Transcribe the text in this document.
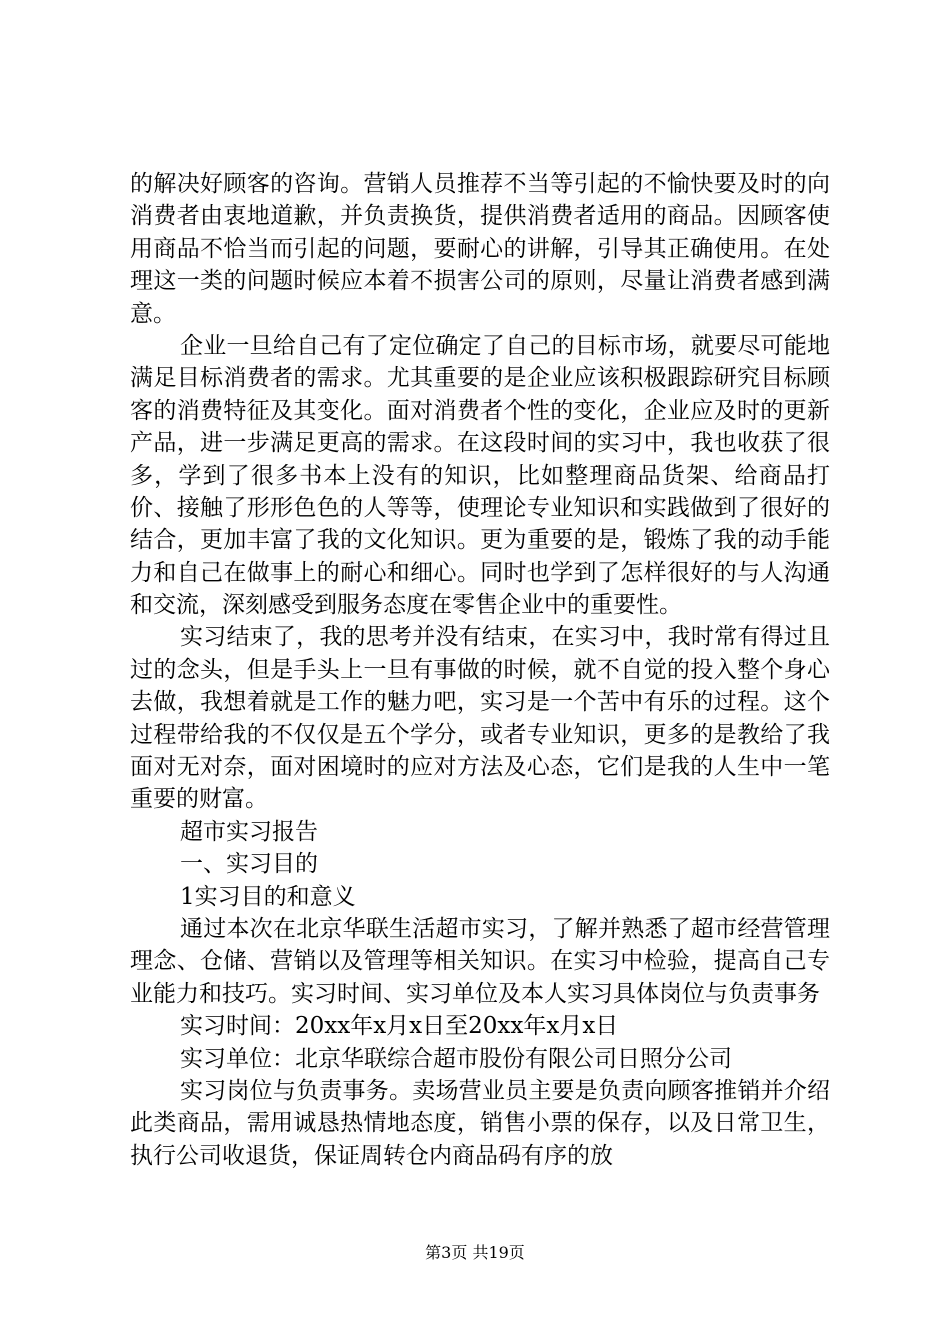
的解决好顾客的咨询。营销人员推荐不当等引起的不愉快要及时的向消费者由衷地道歉，并负责换货，提供消费者适用的商品。因顾客使用商品不恰当而引起的问题，要耐心的讲解，引导其正确使用。在处理这一类的问题时候应本着不损害公司的原则，尽量让消费者感到满意。

企业一旦给自己有了定位确定了自己的目标市场，就要尽可能地满足目标消费者的需求。尤其重要的是企业应该积极跟踪研究目标顾客的消费特征及其变化。面对消费者个性的变化，企业应及时的更新产品，进一步满足更高的需求。在这段时间的实习中，我也收获了很多，学到了很多书本上没有的知识，比如整理商品货架、给商品打价、接触了形形色色的人等等，使理论专业知识和实践做到了很好的结合，更加丰富了我的文化知识。更为重要的是，锻炼了我的动手能力和自己在做事上的耐心和细心。同时也学到了怎样很好的与人沟通和交流，深刻感受到服务态度在零售企业中的重要性。

实习结束了，我的思考并没有结束，在实习中，我时常有得过且过的念头，但是手头上一旦有事做的时候，就不自觉的投入整个身心去做，我想着就是工作的魅力吧，实习是一个苦中有乐的过程。这个过程带给我的不仅仅是五个学分，或者专业知识，更多的是教给了我面对无对奈，面对困境时的应对方法及心态，它们是我的人生中一笔重要的财富。

超市实习报告

一、实习目的

1实习目的和意义

通过本次在北京华联生活超市实习，了解并熟悉了超市经营管理理念、仓储、营销以及管理等相关知识。在实习中检验，提高自己专业能力和技巧。实习时间、实习单位及本人实习具体岗位与负责事务

实习时间：20xx年x月x日至20xx年x月x日

实习单位：北京华联综合超市股份有限公司日照分公司

实习岗位与负责事务。卖场营业员主要是负责向顾客推销并介绍此类商品，需用诚恳热情地态度，销售小票的保存，以及日常卫生，执行公司收退货，保证周转仓内商品码有序的放

第3页 共19页
